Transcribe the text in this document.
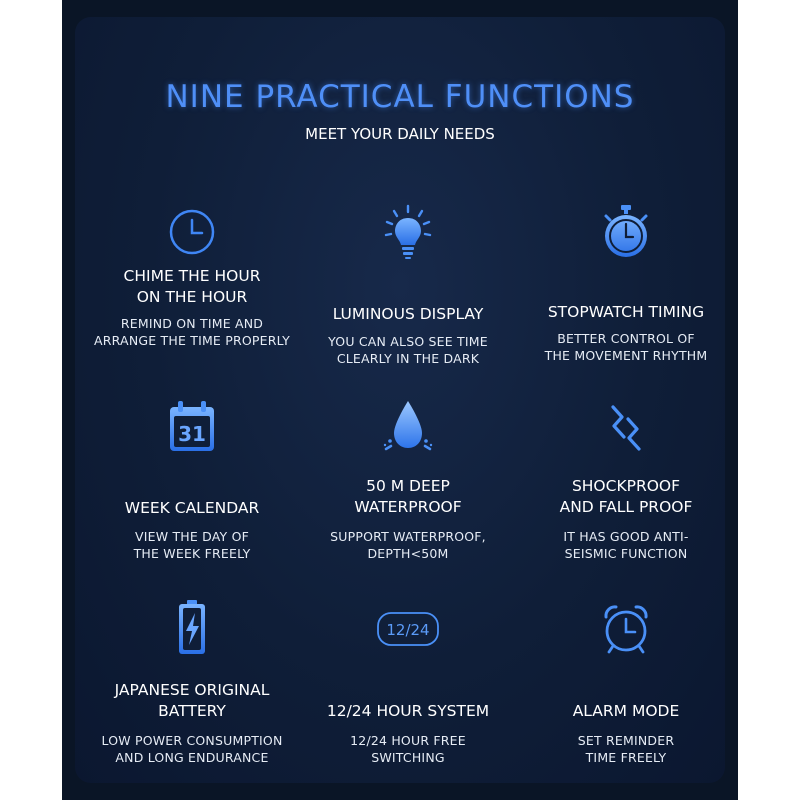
NINE PRACTICAL FUNCTIONS
MEET YOUR DAILY NEEDS
CHIME THE HOUR
ON THE HOUR
REMIND ON TIME AND
ARRANGE THE TIME PROPERLY
LUMINOUS DISPLAY
YOU CAN ALSO SEE TIME
CLEARLY IN THE DARK
STOPWATCH TIMING
BETTER CONTROL OF
THE MOVEMENT RHYTHM
31
WEEK CALENDAR
VIEW THE DAY OF
THE WEEK FREELY
50 M DEEP
WATERPROOF
SUPPORT WATERPROOF,
DEPTH<50M
SHOCKPROOF
AND FALL PROOF
IT HAS GOOD ANTI-
SEISMIC FUNCTION
JAPANESE ORIGINAL
BATTERY
LOW POWER CONSUMPTION
AND LONG ENDURANCE
12/24
12/24 HOUR SYSTEM
12/24 HOUR FREE
SWITCHING
ALARM MODE
SET REMINDER
TIME FREELY
